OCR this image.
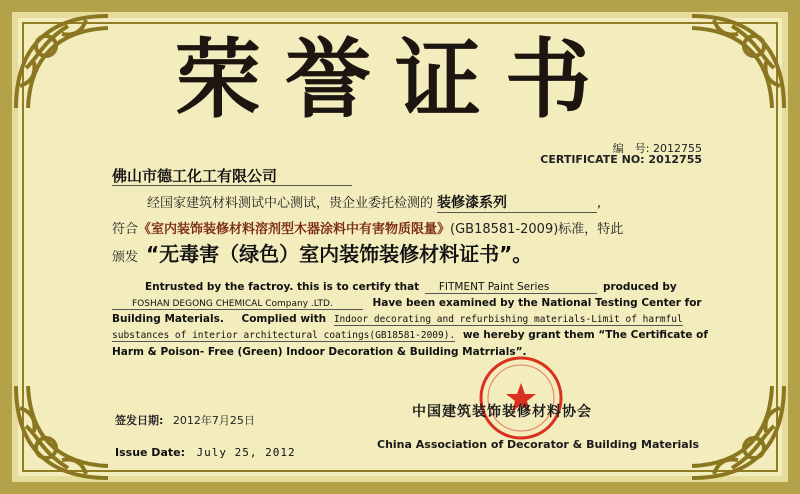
荣誉证书
编　号: 2012755
CERTIFICATE NO: 2012755
佛山市德工化工有限公司
经国家建筑材料测试中心测试，贵企业委托检测的 装修漆系列	,
符合《室内装饰装修材料溶剂型木器涂料中有害物质限量》(GB18581-2009)标准，特此
颁发 “无毒害（绿色）室内装饰装修材料证书”。
Entrusted by the factroy. this is to certify that FITMENT Paint Series	produced by
FOSHAN DEGONG CHEMICAL Company .LTD.	Have been examined by the National Testing Center for
Building Materials. Complied with Indoor decorating and refurbishing materials-Limit of harmful
substances of interior architectural coatings(GB18581-2009). we hereby grant them “The Certificate of
Harm & Poison- Free (Green) Indoor Decoration & Building Matrrials”.
签发日期: 2012年7月25日
Issue Date: July 25, 2012
中国建筑装饰装修材料协会
China Association of Decorator & Building Materials
